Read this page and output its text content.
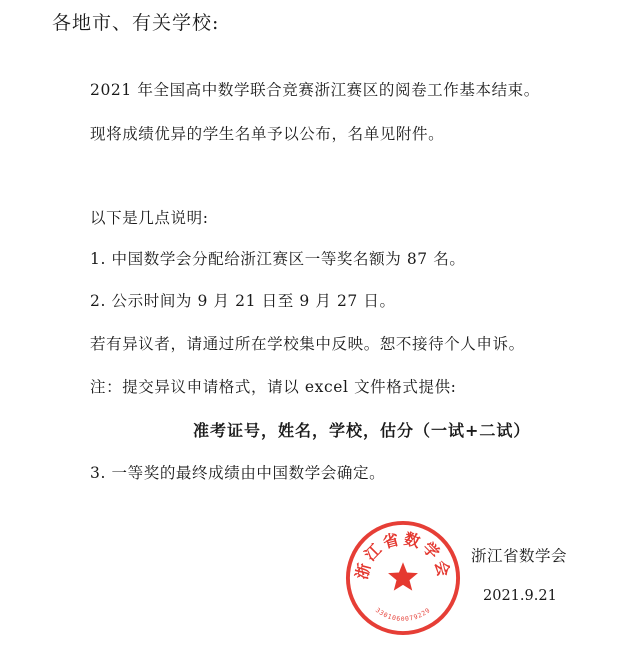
各地市、有关学校:
2021 年全国高中数学联合竞赛浙江赛区的阅卷工作基本结束。
现将成绩优异的学生名单予以公布，名单见附件。
以下是几点说明:
1. 中国数学会分配给浙江赛区一等奖名额为 87 名。
2. 公示时间为 9 月 21 日至 9 月 27 日。
若有异议者，请通过所在学校集中反映。恕不接待个人申诉。
注：提交异议申请格式，请以 excel 文件格式提供:
准考证号，姓名，学校，估分（一试+二试）
3. 一等奖的最终成绩由中国数学会确定。
浙江省数学会
3301060079229
浙江省数学会
2021.9.21
